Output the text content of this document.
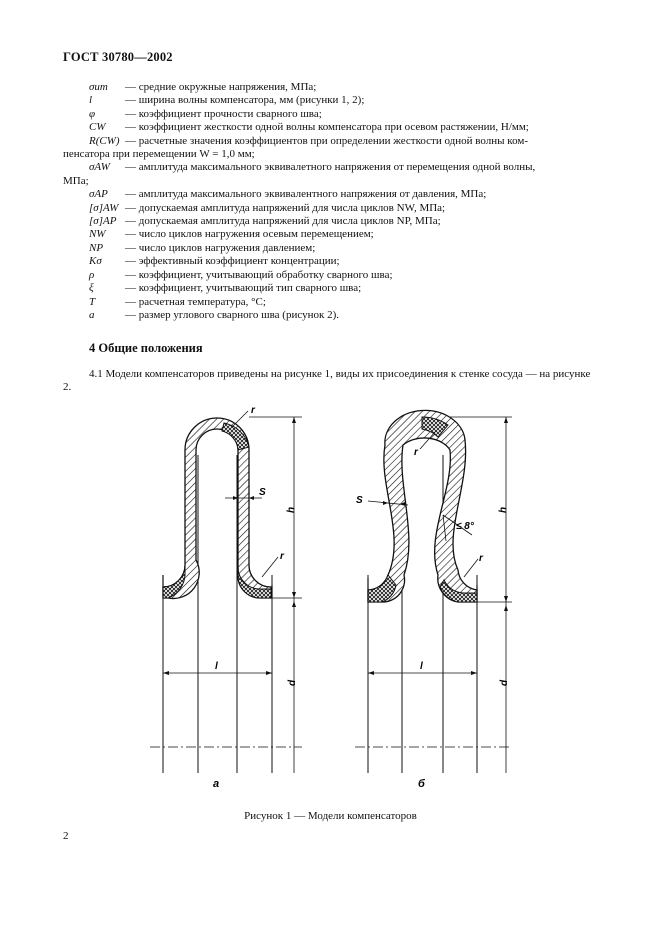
ГОСТ 30780—2002
σum	— средние окружные напряжения, МПа;
l	— ширина волны компенсатора, мм (рисунки 1, 2);
φ	— коэффициент прочности сварного шва;
CW	— коэффициент жесткости одной волны компенсатора при осевом растяжении, Н/мм;
R(CW) — расчетные значения коэффициентов при определении жесткости одной волны ком-
пенсатора при перемещении W = 1,0 мм;
σAW	— амплитуда максимального эквивалетного напряжения от перемещения одной волны,
МПа;
σAP	— амплитуда максимального эквивалентного напряжения от давления, МПа;
[σ]AW — допускаемая амплитуда напряжений для числа циклов NW, МПа;
[σ]AP — допускаемая амплитуда напряжений для числа циклов NP, МПа;
NW	— число циклов нагружения осевым перемещением;
NP	— число циклов нагружения давлением;
Kσ	— эффективный коэффициент концентрации;
ρ	— коэффициент, учитывающий обработку сварного шва;
ξ	— коэффициент, учитывающий тип сварного шва;
T	— расчетная температура, °С;
a	— размер углового сварного шва (рисунок 2).
4 Общие положения
4.1 Модели компенсаторов приведены на рисунке 1, виды их присоединения к стенке сосуда — на рисунке 2.
r
r
S
h
d
l
а
r
r
S
≤ 8°
h
d
l
б
Рисунок 1 — Модели компенсаторов
2
